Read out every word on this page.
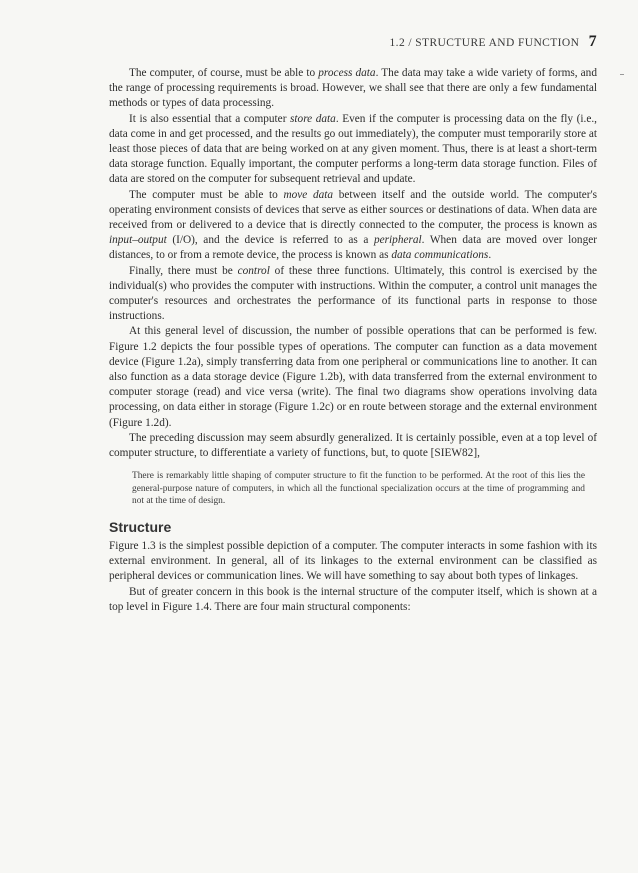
1.2 / STRUCTURE AND FUNCTION 7

The computer, of course, must be able to process data. The data may take a wide variety of forms, and the range of processing requirements is broad. However, we shall see that there are only a few fundamental methods or types of data processing.

It is also essential that a computer store data. Even if the computer is processing data on the fly (i.e., data come in and get processed, and the results go out immediately), the computer must temporarily store at least those pieces of data that are being worked on at any given moment. Thus, there is at least a short-term data storage function. Equally important, the computer performs a long-term data storage function. Files of data are stored on the computer for subsequent retrieval and update.

The computer must be able to move data between itself and the outside world. The computer's operating environment consists of devices that serve as either sources or destinations of data. When data are received from or delivered to a device that is directly connected to the computer, the process is known as input–output (I/O), and the device is referred to as a peripheral. When data are moved over longer distances, to or from a remote device, the process is known as data communications.

Finally, there must be control of these three functions. Ultimately, this control is exercised by the individual(s) who provides the computer with instructions. Within the computer, a control unit manages the computer's resources and orchestrates the performance of its functional parts in response to those instructions.

At this general level of discussion, the number of possible operations that can be performed is few. Figure 1.2 depicts the four possible types of operations. The computer can function as a data movement device (Figure 1.2a), simply transferring data from one peripheral or communications line to another. It can also function as a data storage device (Figure 1.2b), with data transferred from the external environment to computer storage (read) and vice versa (write). The final two diagrams show operations involving data processing, on data either in storage (Figure 1.2c) or en route between storage and the external environment (Figure 1.2d).

The preceding discussion may seem absurdly generalized. It is certainly possible, even at a top level of computer structure, to differentiate a variety of functions, but, to quote [SIEW82],

There is remarkably little shaping of computer structure to fit the function to be performed. At the root of this lies the general-purpose nature of computers, in which all the functional specialization occurs at the time of programming and not at the time of design.
Structure

Figure 1.3 is the simplest possible depiction of a computer. The computer interacts in some fashion with its external environment. In general, all of its linkages to the external environment can be classified as peripheral devices or communication lines. We will have something to say about both types of linkages.

But of greater concern in this book is the internal structure of the computer itself, which is shown at a top level in Figure 1.4. There are four main structural components:
